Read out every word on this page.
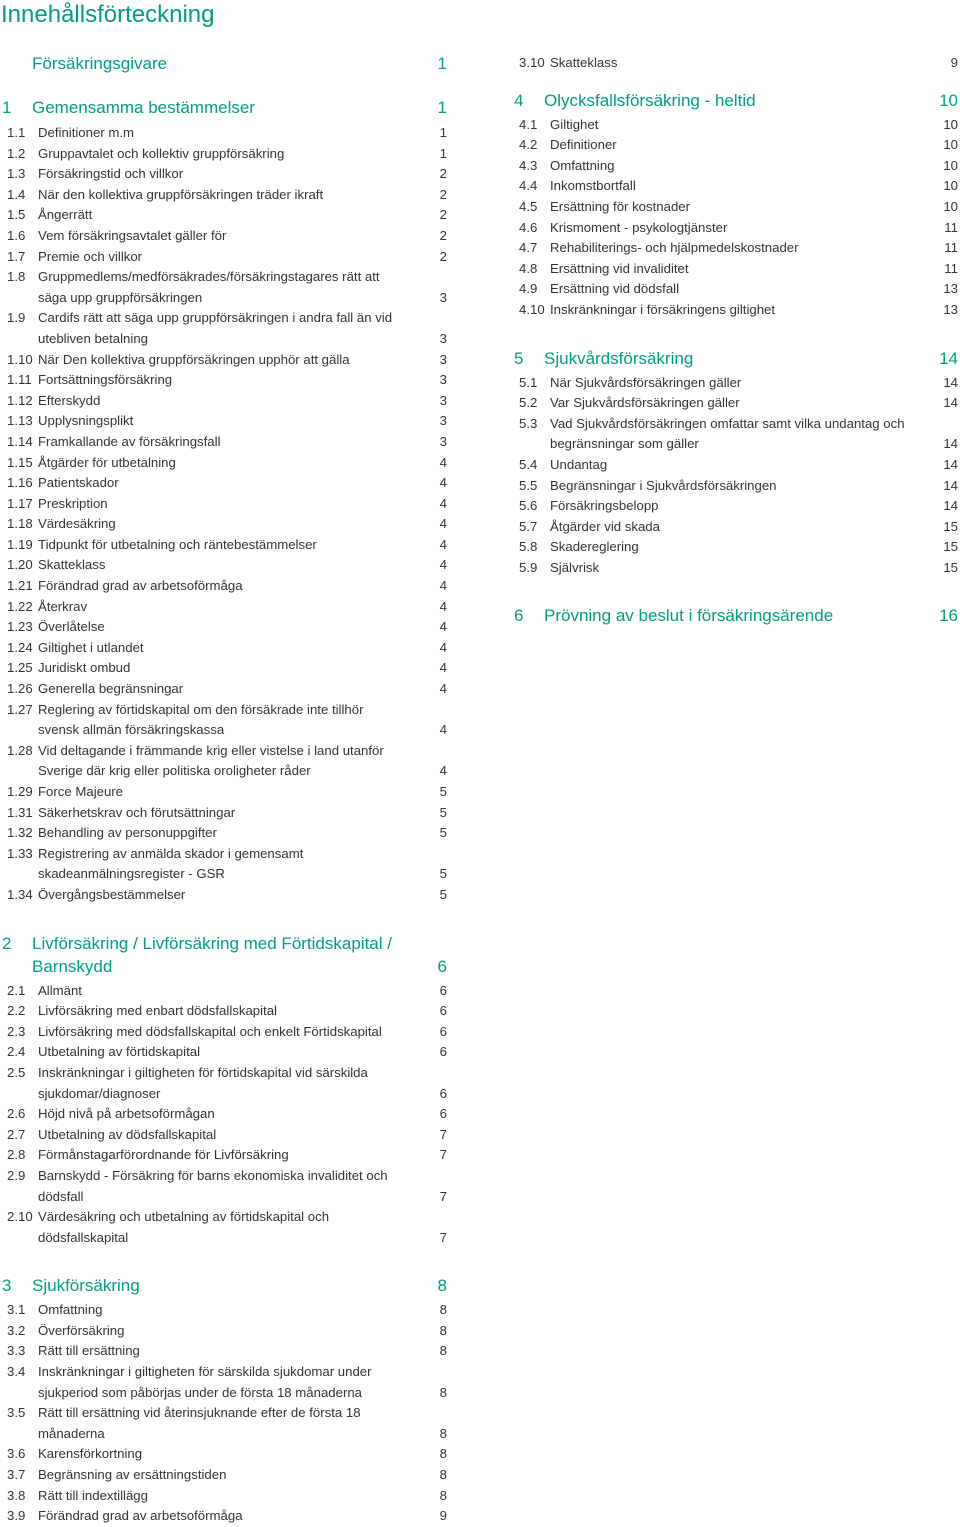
Innehållsförteckning
Försäkringsgivare	1
1	Gemensamma bestämmelser	1
1.1 Definitioner m.m	1
1.2 Gruppavtalet och kollektiv gruppförsäkring	1
1.3 Försäkringstid och villkor	2
1.4 När den kollektiva gruppförsäkringen träder ikraft	2
1.5 Ångerrätt	2
1.6 Vem försäkringsavtalet gäller för	2
1.7 Premie och villkor	2
1.8 Gruppmedlems/medförsäkrades/försäkringstagares rätt att säga upp gruppförsäkringen	3
1.9 Cardifs rätt att säga upp gruppförsäkringen i andra fall än vid utebliven betalning	3
1.10 När Den kollektiva gruppförsäkringen upphör att gälla	3
1.11 Fortsättningsförsäkring	3
1.12 Efterskydd	3
1.13 Upplysningsplikt	3
1.14 Framkallande av försäkringsfall	3
1.15 Åtgärder för utbetalning	4
1.16 Patientskador	4
1.17 Preskription	4
1.18 Värdesäkring	4
1.19 Tidpunkt för utbetalning och räntebestämmelser	4
1.20 Skatteklass	4
1.21 Förändrad grad av arbetsoförmåga	4
1.22 Återkrav	4
1.23 Överlåtelse	4
1.24 Giltighet i utlandet	4
1.25 Juridiskt ombud	4
1.26 Generella begränsningar	4
1.27 Reglering av förtidskapital om den försäkrade inte tillhör svensk allmän försäkringskassa	4
1.28 Vid deltagande i främmande krig eller vistelse i land utanför Sverige där krig eller politiska oroligheter råder	4
1.29 Force Majeure	5
1.31 Säkerhetskrav och förutsättningar	5
1.32 Behandling av personuppgifter	5
1.33 Registrering av anmälda skador i gemensamt skadeanmälningsregister - GSR	5
1.34 Övergångsbestämmelser	5
2	Livförsäkring / Livförsäkring med Förtidskapital / Barnskydd	6
2.1 Allmänt	6
2.2 Livförsäkring med enbart dödsfallskapital	6
2.3 Livförsäkring med dödsfallskapital och enkelt Förtidskapital	6
2.4 Utbetalning av förtidskapital	6
2.5 Inskränkningar i giltigheten för förtidskapital vid särskilda sjukdomar/diagnoser	6
2.6 Höjd nivå på arbetsoförmågan	6
2.7 Utbetalning av dödsfallskapital	7
2.8 Förmånstagarförordnande för Livförsäkring	7
2.9 Barnskydd - Försäkring för barns ekonomiska invaliditet och dödsfall	7
2.10 Värdesäkring och utbetalning av förtidskapital och dödsfallskapital	7
3	Sjukförsäkring	8
3.1 Omfattning	8
3.2 Överförsäkring	8
3.3 Rätt till ersättning	8
3.4 Inskränkningar i giltigheten för särskilda sjukdomar under sjukperiod som påbörjas under de första 18 månaderna	8
3.5 Rätt till ersättning vid återinsjuknande efter de första 18 månaderna	8
3.6 Karensförkortning	8
3.7 Begränsning av ersättningstiden	8
3.8 Rätt till indextillägg	8
3.9 Förändrad grad av arbetsoförmåga	9
3.10 Skatteklass	9
4	Olycksfallsförsäkring - heltid	10
4.1 Giltighet	10
4.2 Definitioner	10
4.3 Omfattning	10
4.4 Inkomstbortfall	10
4.5 Ersättning för kostnader	10
4.6 Krismoment - psykologtjänster	11
4.7 Rehabiliterings- och hjälpmedelskostnader	11
4.8 Ersättning vid invaliditet	11
4.9 Ersättning vid dödsfall	13
4.10 Inskränkningar i försäkringens giltighet	13
5	Sjukvårdsförsäkring	14
5.1 När Sjukvårdsförsäkringen gäller	14
5.2 Var Sjukvårdsförsäkringen gäller	14
5.3 Vad Sjukvårdsförsäkringen omfattar samt vilka undantag och begränsningar som gäller	14
5.4 Undantag	14
5.5 Begränsningar i Sjukvårdsförsäkringen	14
5.6 Försäkringsbelopp	14
5.7 Åtgärder vid skada	15
5.8 Skadereglering	15
5.9 Självrisk	15
6	Prövning av beslut i försäkringsärende	16
